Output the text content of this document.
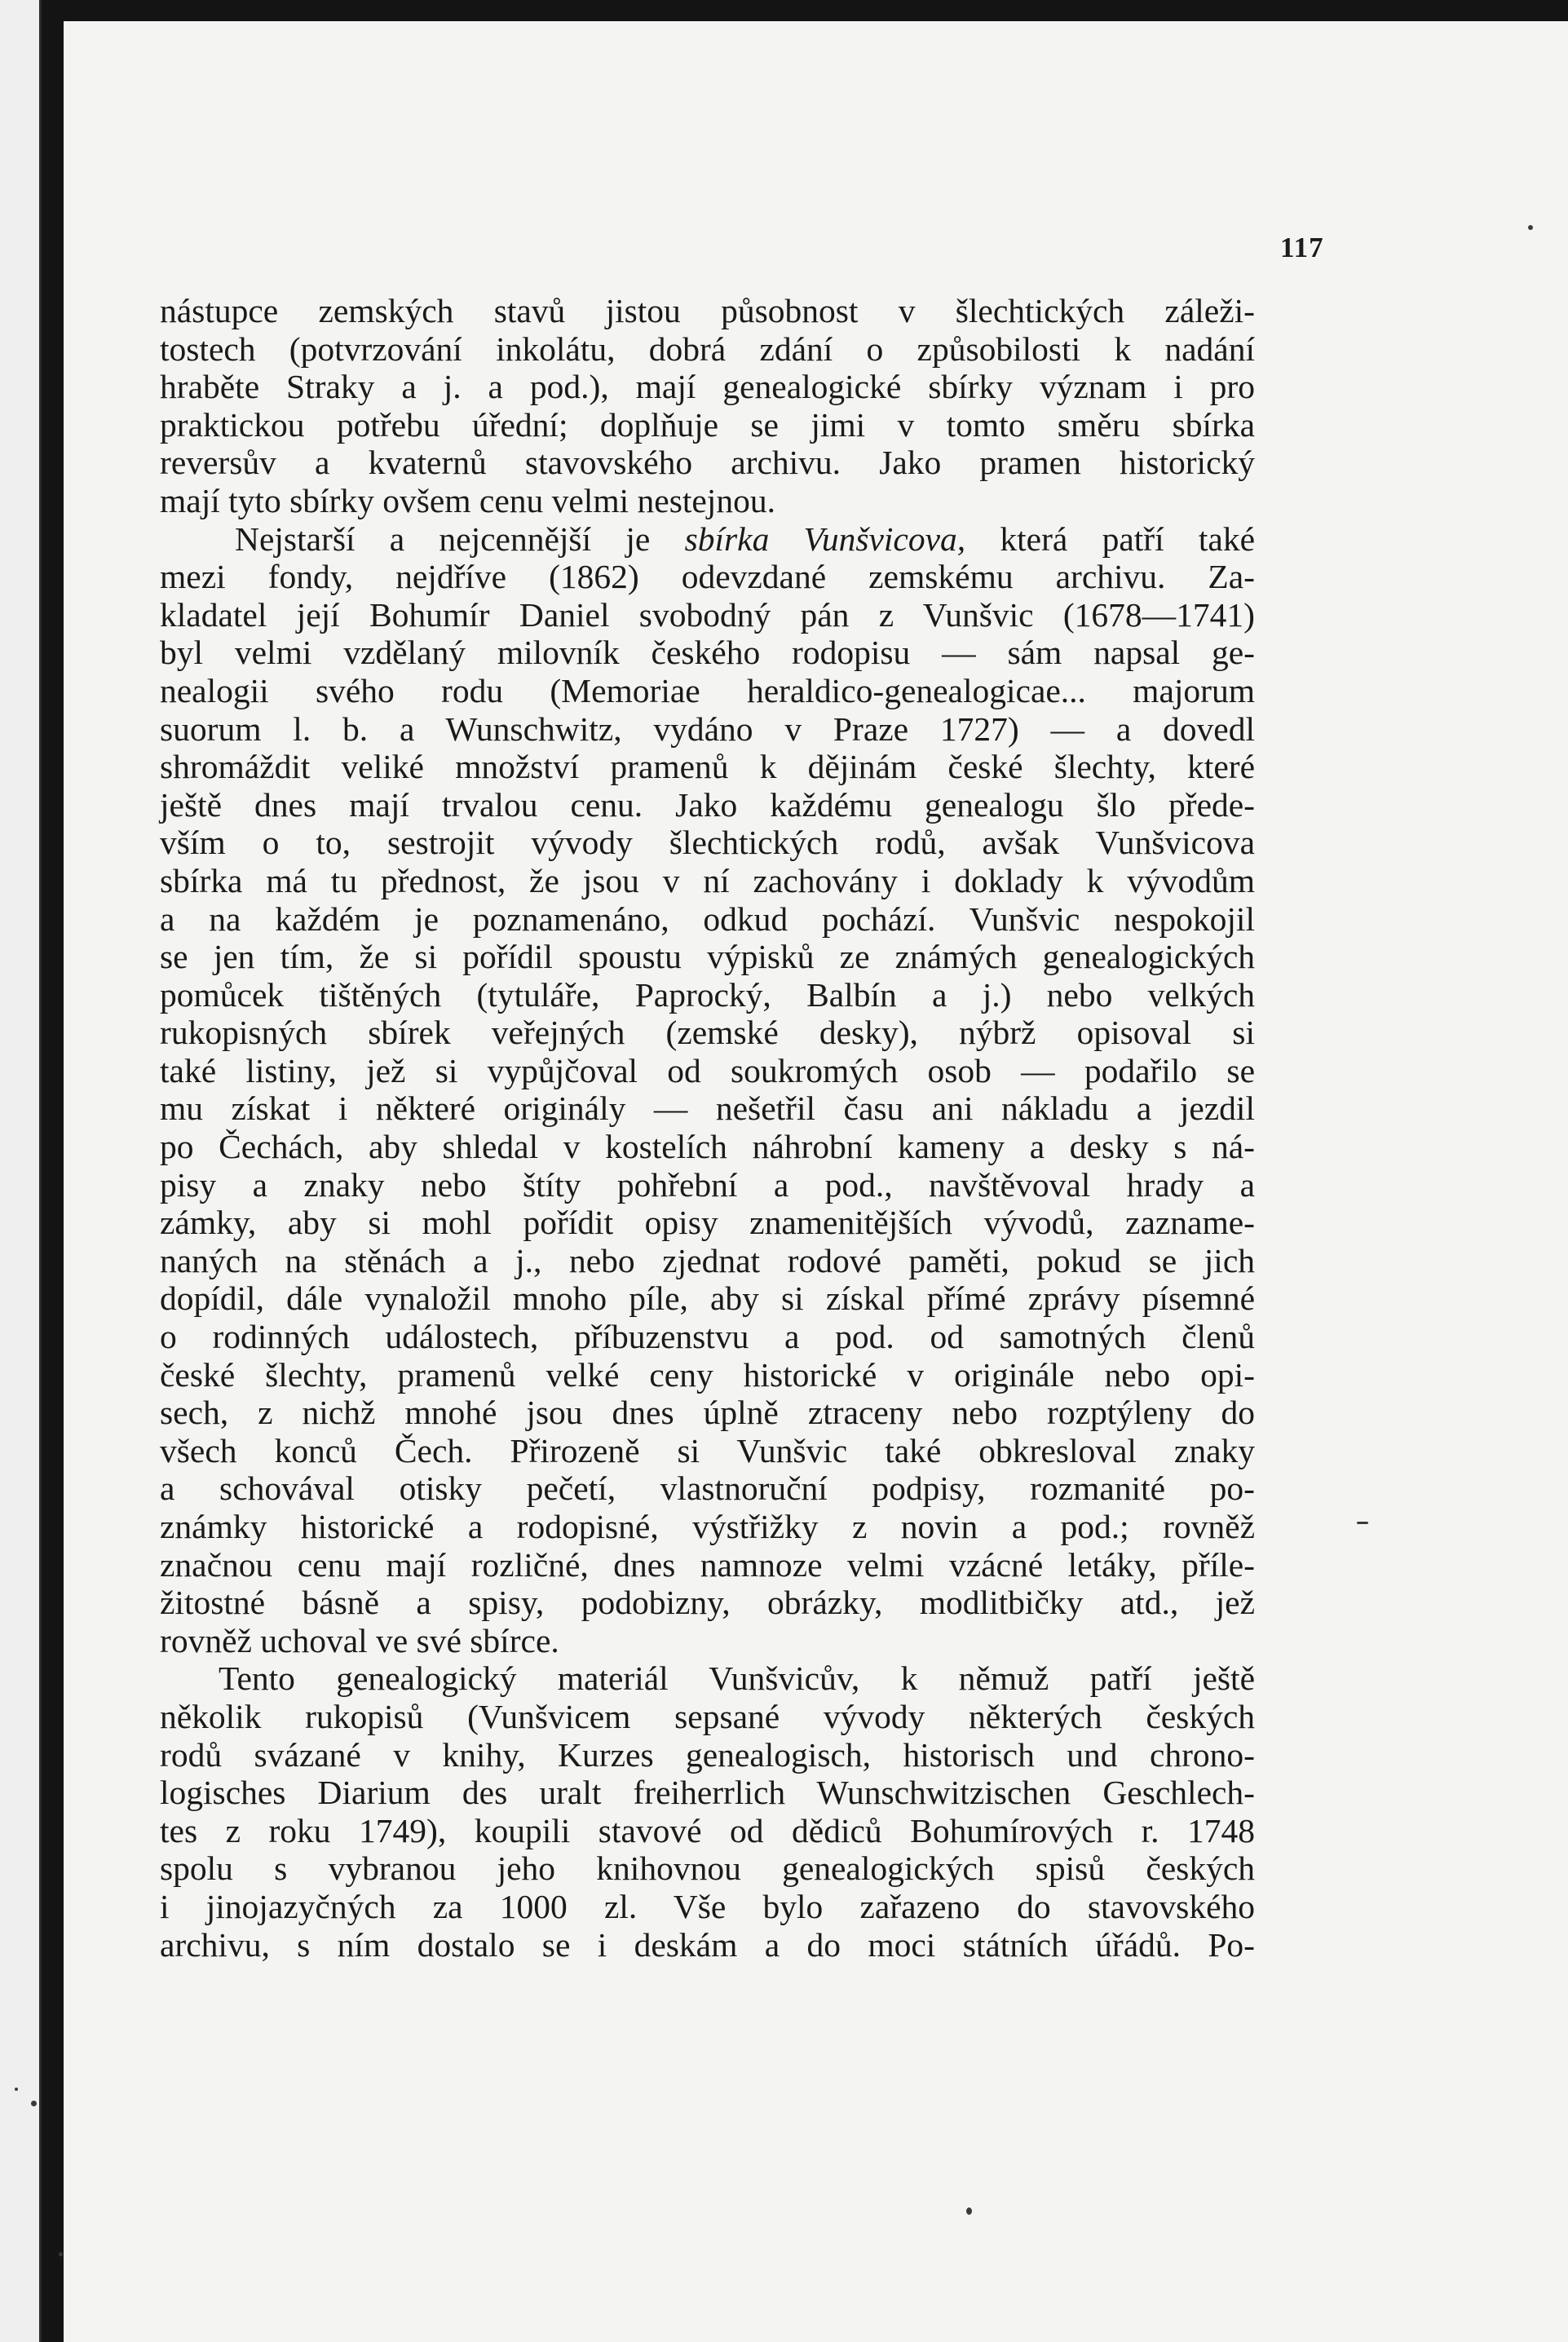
117
nástupce zemských stavů jistou působnost v šlechtických záleži-
tostech (potvrzování inkolátu, dobrá zdání o způsobilosti k nadání
hraběte Straky a j. a pod.), mají genealogické sbírky význam i pro
praktickou potřebu úřední; doplňuje se jimi v tomto směru sbírka
reversův a kvaternů stavovského archivu. Jako pramen historický
mají tyto sbírky ovšem cenu velmi nestejnou.
Nejstarší a nejcennější je sbírka Vunšvicova, která patří také
mezi fondy, nejdříve (1862) odevzdané zemskému archivu. Za-
kladatel její Bohumír Daniel svobodný pán z Vunšvic (1678—1741)
byl velmi vzdělaný milovník českého rodopisu — sám napsal ge-
nealogii svého rodu (Memoriae heraldico-genealogicae... majorum
suorum l. b. a Wunschwitz, vydáno v Praze 1727) — a dovedl
shromáždit veliké množství pramenů k dějinám české šlechty, které
ještě dnes mají trvalou cenu. Jako každému genealogu šlo přede-
vším o to, sestrojit vývody šlechtických rodů, avšak Vunšvicova
sbírka má tu přednost, že jsou v ní zachovány i doklady k vývodům
a na každém je poznamenáno, odkud pochází. Vunšvic nespokojil
se jen tím, že si pořídil spoustu výpisků ze známých genealogických
pomůcek tištěných (tytuláře, Paprocký, Balbín a j.) nebo velkých
rukopisných sbírek veřejných (zemské desky), nýbrž opisoval si
také listiny, jež si vypůjčoval od soukromých osob — podařilo se
mu získat i některé originály — nešetřil času ani nákladu a jezdil
po Čechách, aby shledal v kostelích náhrobní kameny a desky s ná-
pisy a znaky nebo štíty pohřební a pod., navštěvoval hrady a
zámky, aby si mohl pořídit opisy znamenitějších vývodů, zazname-
naných na stěnách a j., nebo zjednat rodové paměti, pokud se jich
dopídil, dále vynaložil mnoho píle, aby si získal přímé zprávy písemné
o rodinných událostech, příbuzenstvu a pod. od samotných členů
české šlechty, pramenů velké ceny historické v originále nebo opi-
sech, z nichž mnohé jsou dnes úplně ztraceny nebo rozptýleny do
všech konců Čech. Přirozeně si Vunšvic také obkresloval znaky
a schovával otisky pečetí, vlastnoruční podpisy, rozmanité po-
známky historické a rodopisné, výstřižky z novin a pod.; rovněž
značnou cenu mají rozličné, dnes namnoze velmi vzácné letáky, příle-
žitostné básně a spisy, podobizny, obrázky, modlitbičky atd., jež
rovněž uchoval ve své sbírce.
Tento genealogický materiál Vunšvicův, k němuž patří ještě
několik rukopisů (Vunšvicem sepsané vývody některých českých
rodů svázané v knihy, Kurzes genealogisch, historisch und chrono-
logisches Diarium des uralt freiherrlich Wunschwitzischen Geschlech-
tes z roku 1749), koupili stavové od dědiců Bohumírových r. 1748
spolu s vybranou jeho knihovnou genealogických spisů českých
i jinojazyčných za 1000 zl. Vše bylo zařazeno do stavovského
archivu, s ním dostalo se i deskám a do moci státních úřádů. Po-
